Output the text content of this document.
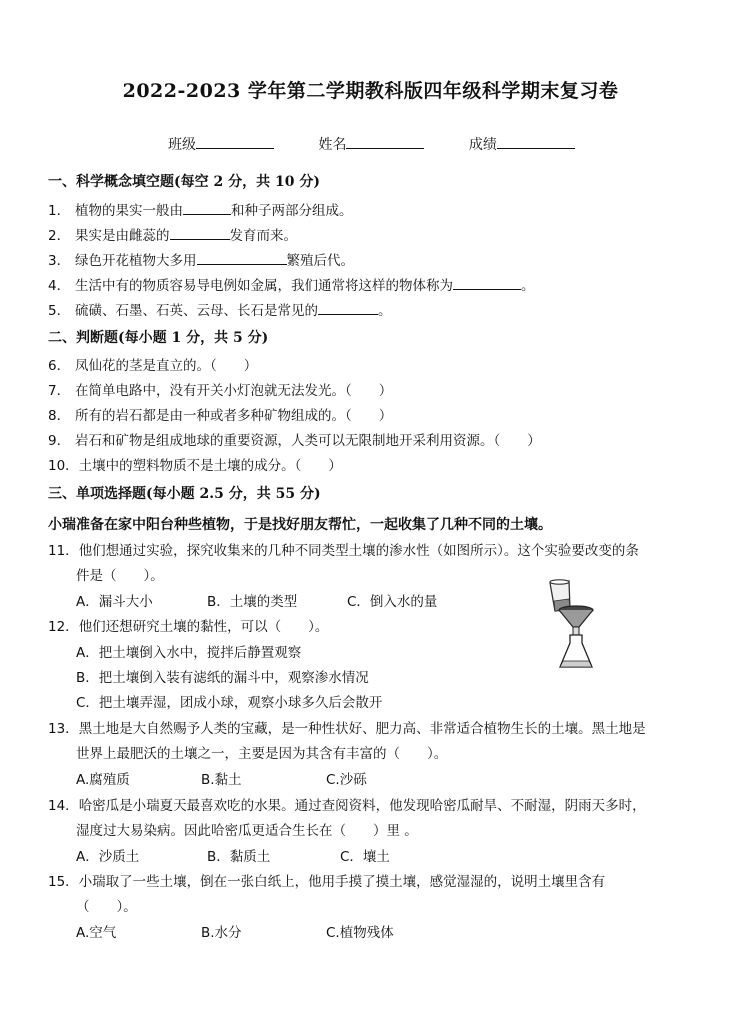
2022-2023 学年第二学期教科版四年级科学期末复习卷
班级	姓名	成绩
一、科学概念填空题(每空 2 分，共 10 分)
1． 植物的果实一般由	和种子两部分组成。
2． 果实是由雌蕊的	发育而来。
3． 绿色开花植物大多用	繁殖后代。
4． 生活中有的物质容易导电例如金属，我们通常将这样的物体称为	。
5． 硫磺、石墨、石英、云母、长石是常见的	。
二、判断题(每小题 1 分，共 5 分)
6． 凤仙花的茎是直立的。（　　）
7． 在简单电路中，没有开关小灯泡就无法发光。（　　）
8． 所有的岩石都是由一种或者多种矿物组成的。（　　）
9． 岩石和矿物是组成地球的重要资源，人类可以无限制地开采利用资源。（　　）
10．土壤中的塑料物质不是土壤的成分。（　　）
三、单项选择题(每小题 2.5 分，共 55 分)
小瑞准备在家中阳台种些植物，于是找好朋友帮忙，一起收集了几种不同的土壤。
11．他们想通过实验，探究收集来的几种不同类型土壤的渗水性（如图所示）。这个实验要改变的条
件是（　　）。
A．漏斗大小	B．土壤的类型	C．倒入水的量
12．他们还想研究土壤的黏性，可以（　　）。
A．把土壤倒入水中，搅拌后静置观察
B．把土壤倒入装有滤纸的漏斗中，观察渗水情况
C．把土壤弄湿，团成小球，观察小球多久后会散开
13．黑土地是大自然赐予人类的宝藏，是一种性状好、肥力高、非常适合植物生长的土壤。黑土地是
世界上最肥沃的土壤之一，主要是因为其含有丰富的（　　）。
A.腐殖质	B.黏土	C.沙砾
14．哈密瓜是小瑞夏天最喜欢吃的水果。通过查阅资料，他发现哈密瓜耐旱、不耐湿，阴雨天多时，
湿度过大易染病。因此哈密瓜更适合生长在（　　）里 。
A．沙质土	B．黏质土	C．壤土
15．小瑞取了一些土壤，倒在一张白纸上，他用手摸了摸土壤，感觉湿湿的，说明土壤里含有
（　　）。
A.空气	B.水分	C.植物残体
